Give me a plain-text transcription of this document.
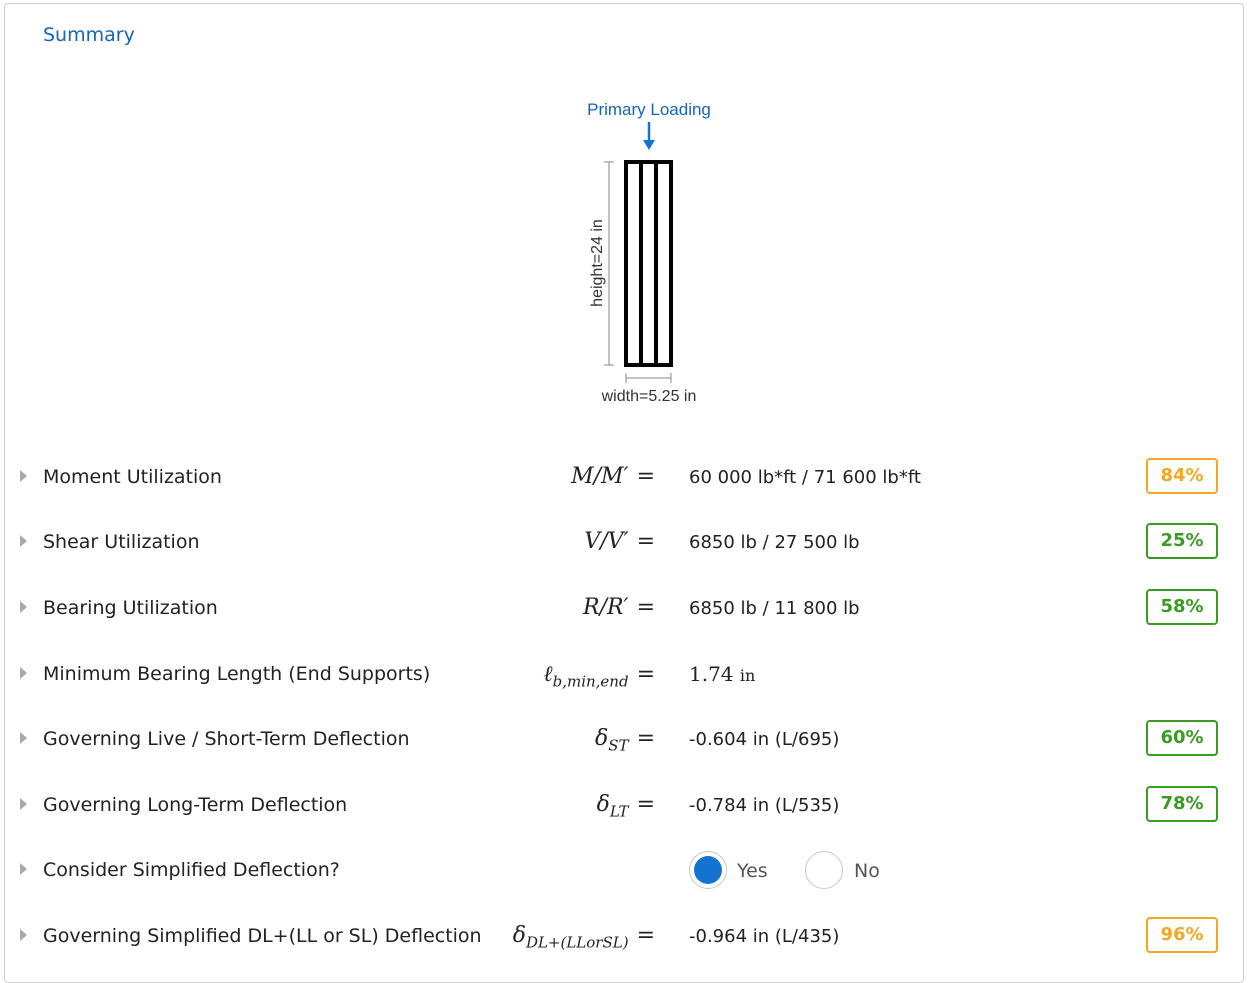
Summary
Primary Loading
height=24 in
width=5.25 in
Moment Utilization	M/M′ = 60 000 lb*ft / 71 600 lb*ft	84%
Shear Utilization	V/V′ = 6850 lb / 27 500 lb	25%
Bearing Utilization	R/R′ = 6850 lb / 11 800 lb	58%
Minimum Bearing Length (End Supports)	ℓ$_{b,min,end}$ = 1.74 in
Governing Live / Short-Term Deflection	$\delta_{ST} = -0.604$ in (L/695)	60%
Governing Long-Term Deflection	$\delta_{LT} = -0.784$ in (L/535)	78%
Consider Simplified Deflection?	Yes	No
Governing Simplified DL+(LL or SL) Deflection $\delta_{DL+(LLorSL)} = -0.964$ in (L/435)	96%
